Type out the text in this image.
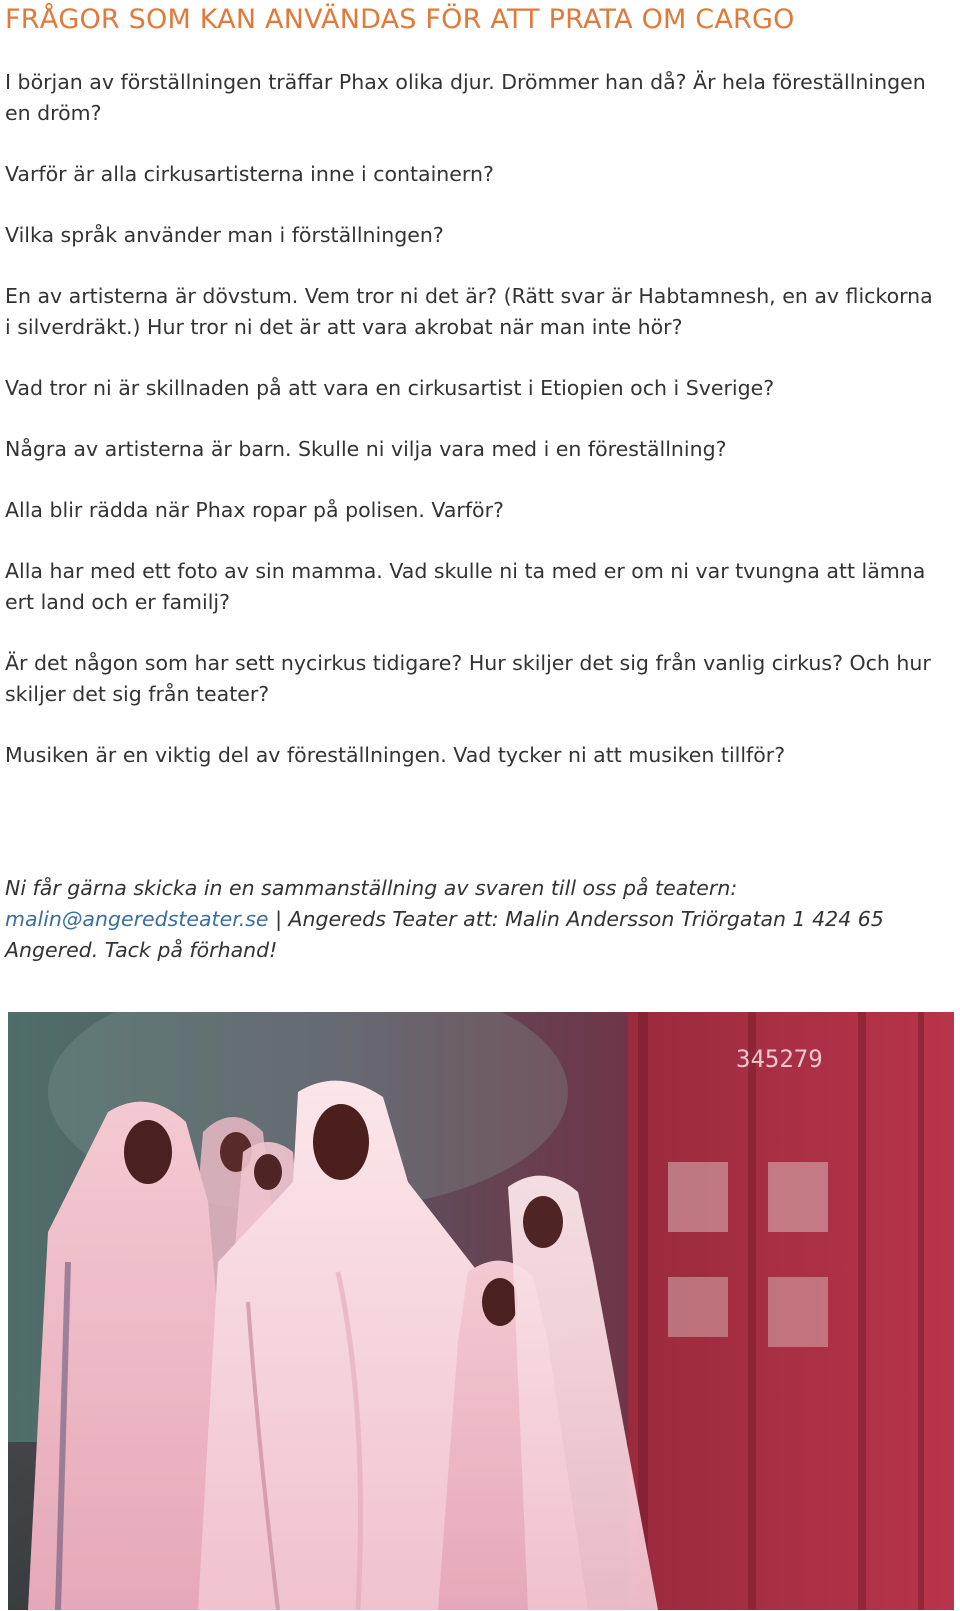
FRÅGOR SOM KAN ANVÄNDAS FÖR ATT PRATA OM CARGO

I början av förställningen träffar Phax olika djur. Drömmer han då? Är hela föreställningen en dröm?

Varför är alla cirkusartisterna inne i containern?

Vilka språk använder man i förställningen?

En av artisterna är dövstum. Vem tror ni det är? (Rätt svar är Habtamnesh, en av flickorna i silverdräkt.) Hur tror ni det är att vara akrobat när man inte hör?

Vad tror ni är skillnaden på att vara en cirkusartist i Etiopien och i Sverige?

Några av artisterna är barn. Skulle ni vilja vara med i en föreställning?

Alla blir rädda när Phax ropar på polisen. Varför?

Alla har med ett foto av sin mamma. Vad skulle ni ta med er om ni var tvungna att lämna ert land och er familj?

Är det någon som har sett nycirkus tidigare? Hur skiljer det sig från vanlig cirkus? Och hur skiljer det sig från teater?

Musiken är en viktig del av föreställningen. Vad tycker ni att musiken tillför?

Ni får gärna skicka in en sammanställning av svaren till oss på teatern: malin@angeredsteater.se | Angereds Teater att: Malin Andersson Triörgatan 1 424 65 Angered. Tack på förhand!

345279
